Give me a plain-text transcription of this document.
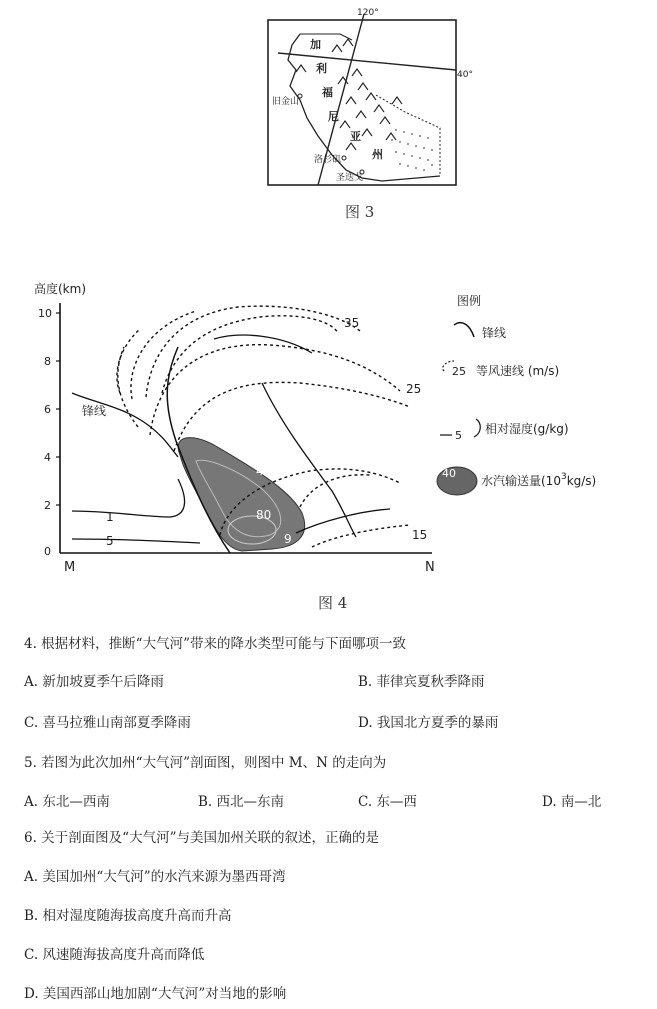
120°
40°
加
利
福
尼
亚
州
旧金山
洛杉矶
圣迭戈
图 3
高度(km)
10
8
6
4
2
0
M	N
锋线
35
25
15
1
5	9
40
80
图例
锋线
25 等风速线 (m/s)
5 相对湿度(g/kg)
40
水汽输送量$(10^3kg/s)$
图 4
4. 根据材料，推断“大气河”带来的降水类型可能与下面哪项一致
A. 新加坡夏季午后降雨	B. 菲律宾夏秋季降雨
C. 喜马拉雅山南部夏季降雨	D. 我国北方夏季的暴雨
5. 若图为此次加州“大气河”剖面图，则图中 M、N 的走向为
A. 东北—西南	B. 西北—东南	C. 东—西	D. 南—北
6. 关于剖面图及“大气河”与美国加州关联的叙述，正确的是
A. 美国加州“大气河”的水汽来源为墨西哥湾
B. 相对湿度随海拔高度升高而升高
C. 风速随海拔高度升高而降低
D. 美国西部山地加剧“大气河”对当地的影响
